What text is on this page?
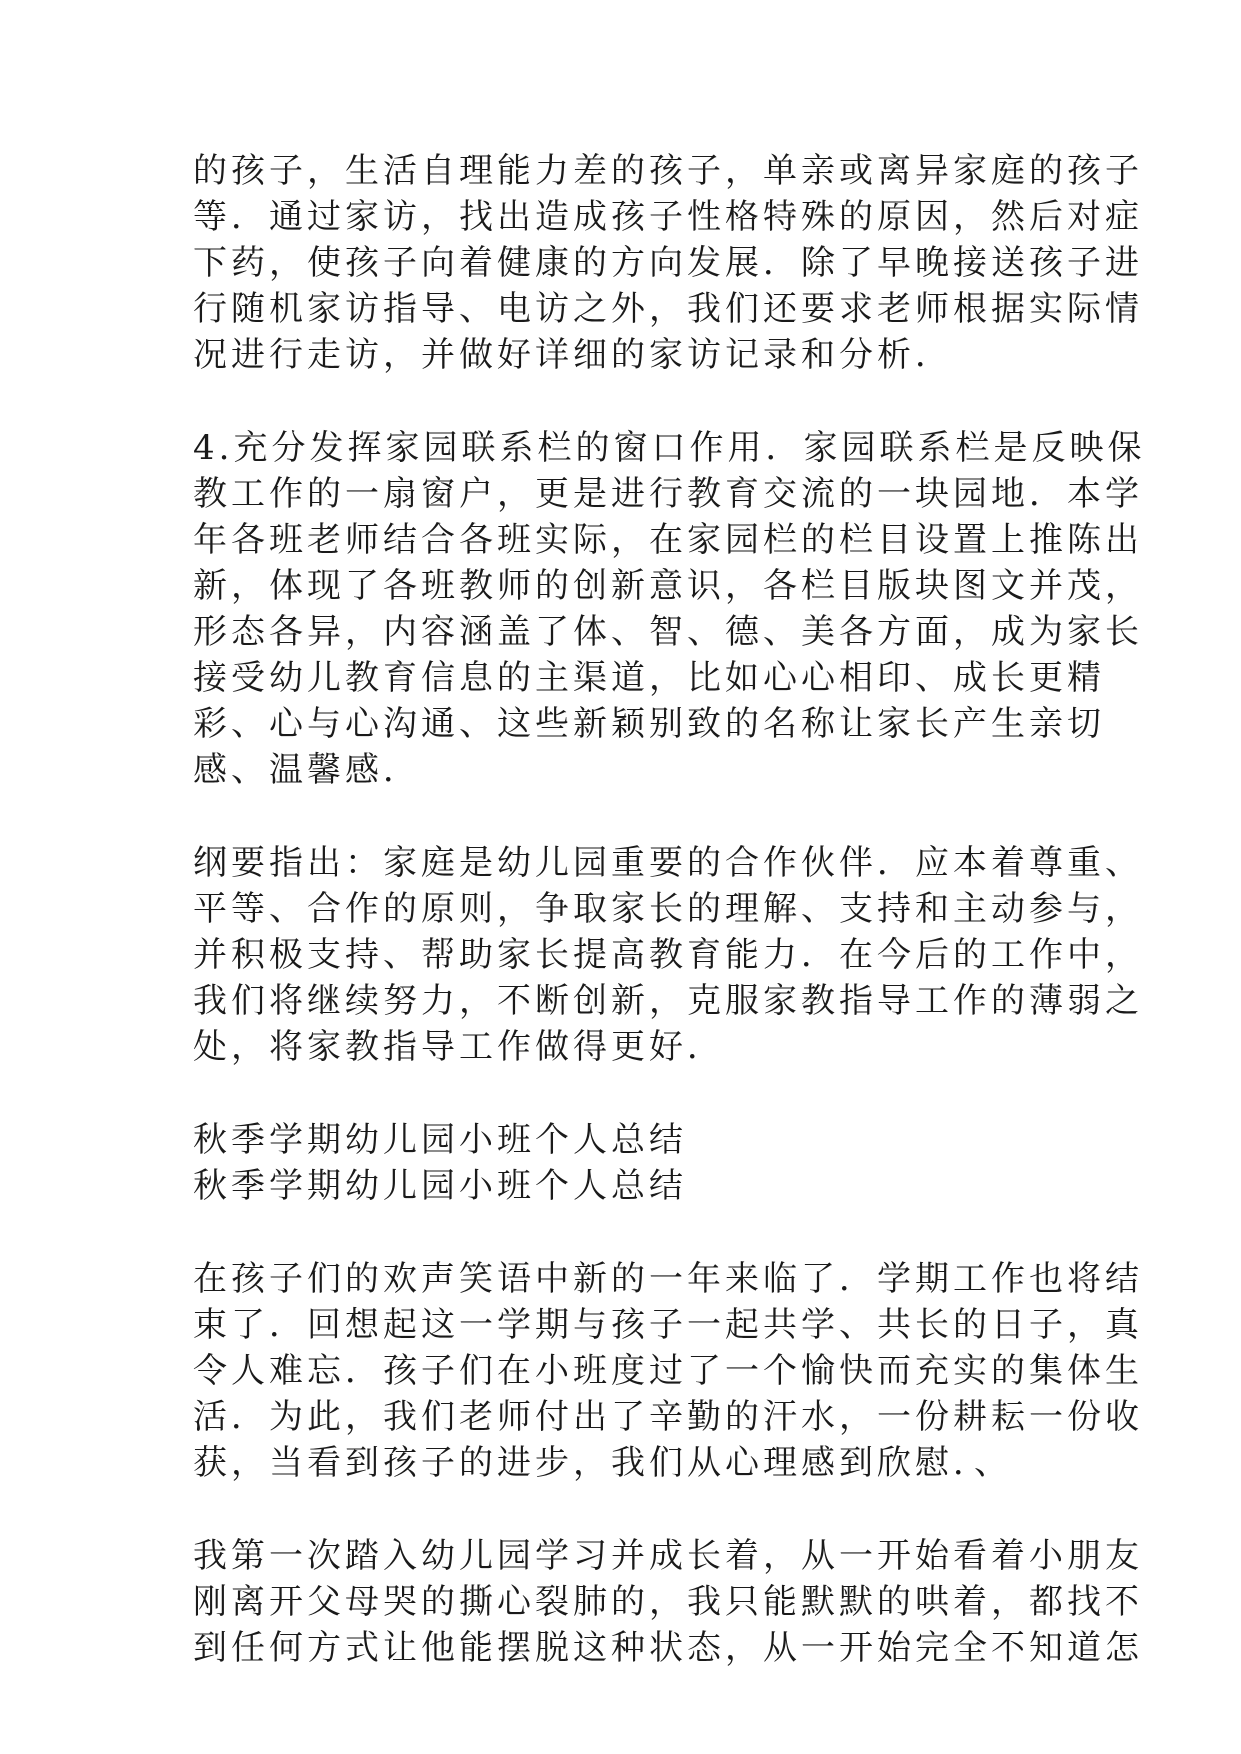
的孩子，生活自理能力差的孩子，单亲或离异家庭的孩子
等．通过家访，找出造成孩子性格特殊的原因，然后对症
下药，使孩子向着健康的方向发展．除了早晚接送孩子进
行随机家访指导、电访之外，我们还要求老师根据实际情
况进行走访，并做好详细的家访记录和分析．

4.充分发挥家园联系栏的窗口作用．家园联系栏是反映保
教工作的一扇窗户，更是进行教育交流的一块园地．本学
年各班老师结合各班实际，在家园栏的栏目设置上推陈出
新，体现了各班教师的创新意识，各栏目版块图文并茂，
形态各异，内容涵盖了体、智、德、美各方面，成为家长
接受幼儿教育信息的主渠道，比如心心相印、成长更精
彩、心与心沟通、这些新颖别致的名称让家长产生亲切
感、温馨感．

纲要指出：家庭是幼儿园重要的合作伙伴．应本着尊重、
平等、合作的原则，争取家长的理解、支持和主动参与，
并积极支持、帮助家长提高教育能力．在今后的工作中，
我们将继续努力，不断创新，克服家教指导工作的薄弱之
处，将家教指导工作做得更好．

秋季学期幼儿园小班个人总结
秋季学期幼儿园小班个人总结

在孩子们的欢声笑语中新的一年来临了．学期工作也将结
束了．回想起这一学期与孩子一起共学、共长的日子，真
令人难忘．孩子们在小班度过了一个愉快而充实的集体生
活．为此，我们老师付出了辛勤的汗水，一份耕耘一份收
获，当看到孩子的进步，我们从心理感到欣慰．、

我第一次踏入幼儿园学习并成长着，从一开始看着小朋友
刚离开父母哭的撕心裂肺的，我只能默默的哄着，都找不
到任何方式让他能摆脱这种状态，从一开始完全不知道怎
